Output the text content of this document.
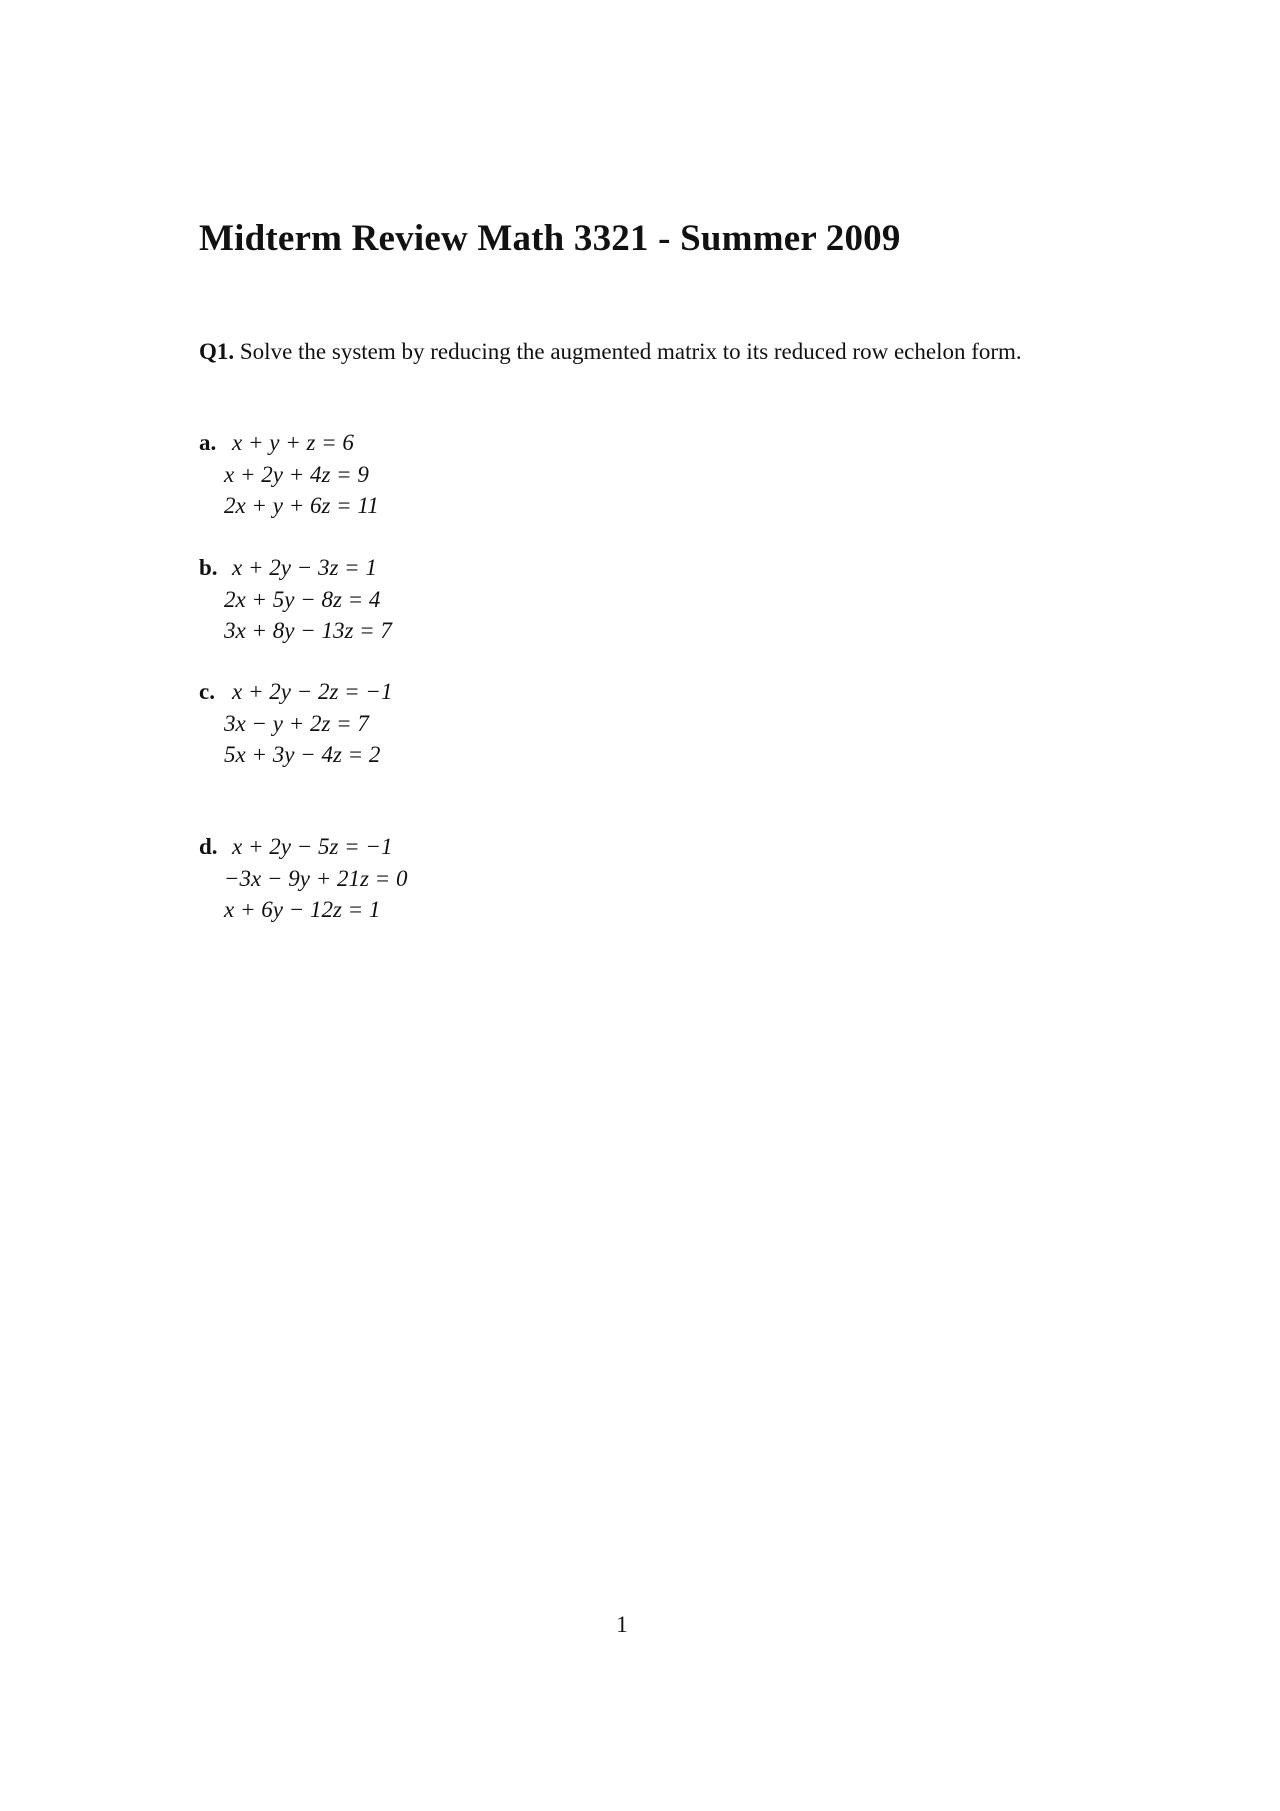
Midterm Review Math 3321 - Summer 2009

Q1. Solve the system by reducing the augmented matrix to its reduced row echelon form.

a. x + y + z = 6
x + 2y + 4z = 9
2x + y + 6z = 11
b. x + 2y − 3z = 1
2x + 5y − 8z = 4
3x + 8y − 13z = 7
c. x + 2y − 2z = −1
3x − y + 2z = 7
5x + 3y − 4z = 2
d. x + 2y − 5z = −1
−3x − 9y + 21z = 0
x + 6y − 12z = 1
1
